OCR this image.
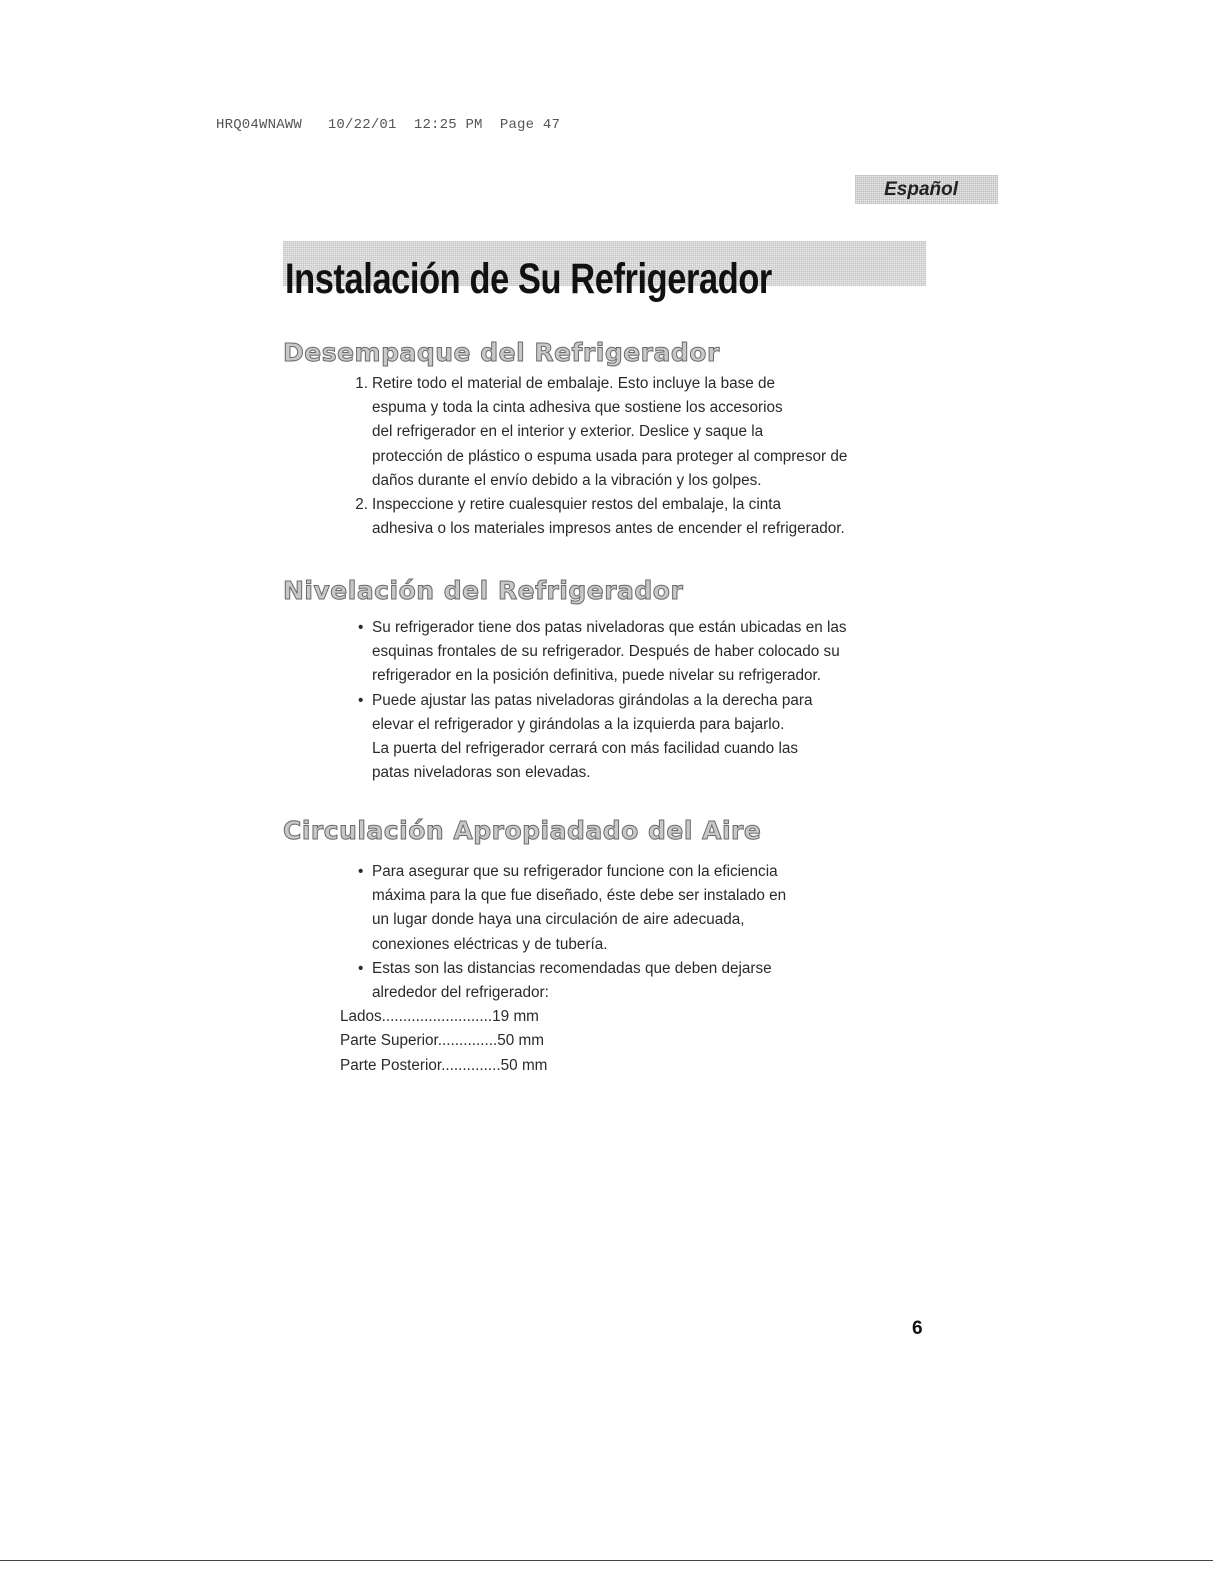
HRQ04WNAWW 10/22/01 12:25 PM Page 47
Español
Instalación de Su Refrigerador
Desempaque del Refrigerador
1. Retire todo el material de embalaje. Esto incluye la base de

espuma y toda la cinta adhesiva que sostiene los accesorios

del refrigerador en el interior y exterior. Deslice y saque la

protección de plástico o espuma usada para proteger al compresor de

daños durante el envío debido a la vibración y los golpes.

2. Inspeccione y retire cualesquier restos del embalaje, la cinta

adhesiva o los materiales impresos antes de encender el refrigerador.

Nivelación del Refrigerador
• Su refrigerador tiene dos patas niveladoras que están ubicadas en las

esquinas frontales de su refrigerador. Después de haber colocado su

refrigerador en la posición definitiva, puede nivelar su refrigerador.

• Puede ajustar las patas niveladoras girándolas a la derecha para

elevar el refrigerador y girándolas a la izquierda para bajarlo.

La puerta del refrigerador cerrará con más facilidad cuando las

patas niveladoras son elevadas.

Circulación Apropiadado del Aire
• Para asegurar que su refrigerador funcione con la eficiencia

máxima para la que fue diseñado, éste debe ser instalado en

un lugar donde haya una circulación de aire adecuada,

conexiones eléctricas y de tubería.

• Estas son las distancias recomendadas que deben dejarse

alrededor del refrigerador:

Lados..........................19 mm

Parte Superior..............50 mm

Parte Posterior..............50 mm

6
